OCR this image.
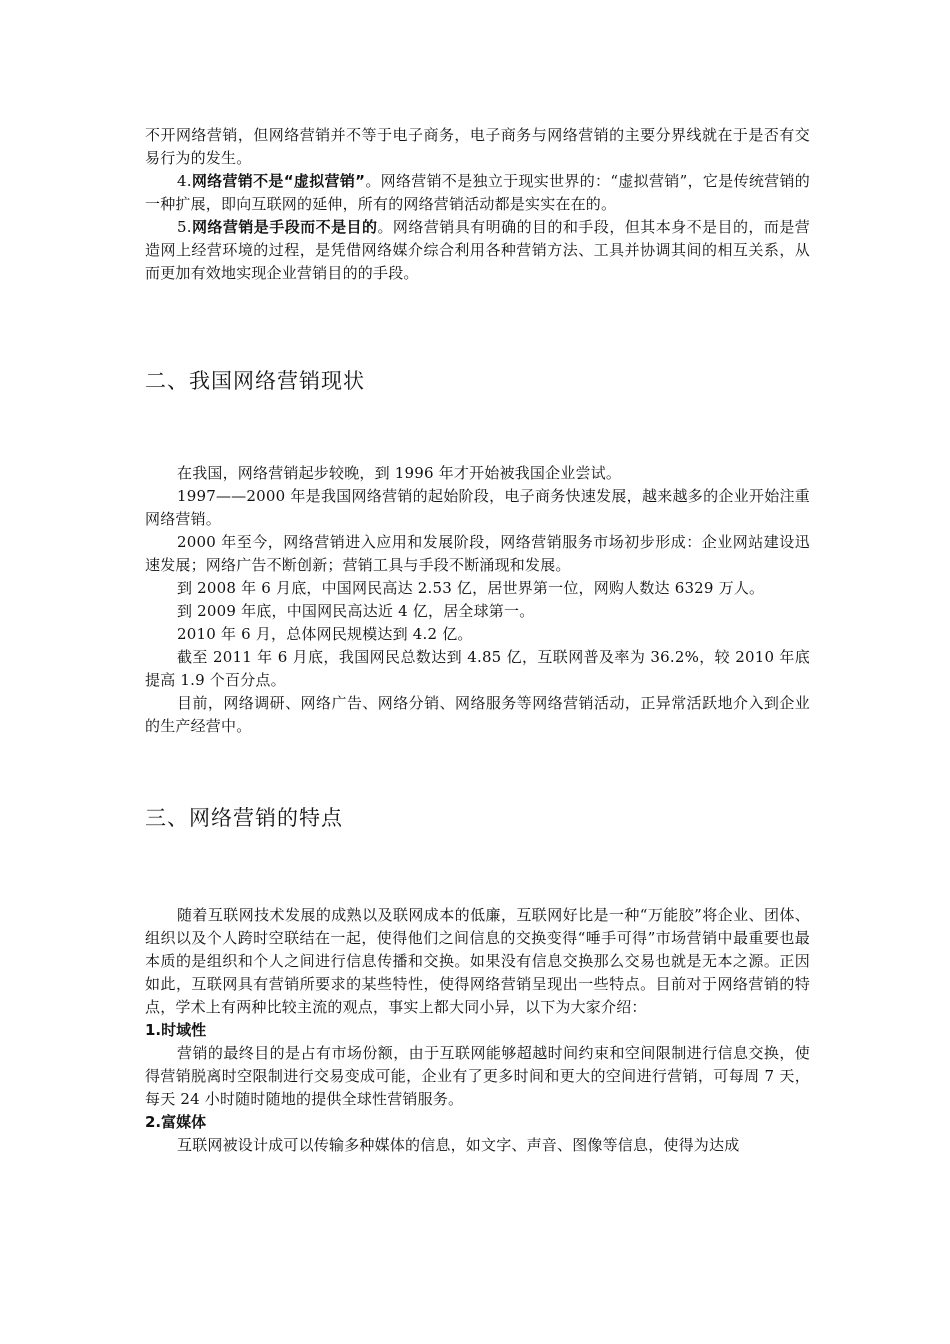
不开网络营销，但网络营销并不等于电子商务，电子商务与网络营销的主要分界线就在于是否有交易行为的发生。

4.网络营销不是“虚拟营销”。网络营销不是独立于现实世界的：“虚拟营销”，它是传统营销的一种扩展，即向互联网的延伸，所有的网络营销活动都是实实在在的。

5.网络营销是手段而不是目的。网络营销具有明确的目的和手段，但其本身不是目的，而是营造网上经营环境的过程，是凭借网络媒介综合利用各种营销方法、工具并协调其间的相互关系，从而更加有效地实现企业营销目的的手段。

二、我国网络营销现状

在我国，网络营销起步较晚，到 1996 年才开始被我国企业尝试。

1997——2000 年是我国网络营销的起始阶段，电子商务快速发展，越来越多的企业开始注重网络营销。

2000 年至今，网络营销进入应用和发展阶段，网络营销服务市场初步形成：企业网站建设迅速发展；网络广告不断创新；营销工具与手段不断涌现和发展。

到 2008 年 6 月底，中国网民高达 2.53 亿，居世界第一位，网购人数达 6329 万人。

到 2009 年底，中国网民高达近 4 亿，居全球第一。

2010 年 6 月，总体网民规模达到 4.2 亿。

截至 2011 年 6 月底，我国网民总数达到 4.85 亿，互联网普及率为 36.2%，较 2010 年底提高 1.9 个百分点。

目前，网络调研、网络广告、网络分销、网络服务等网络营销活动，正异常活跃地介入到企业的生产经营中。

三、网络营销的特点

随着互联网技术发展的成熟以及联网成本的低廉，互联网好比是一种“万能胶”将企业、团体、组织以及个人跨时空联结在一起，使得他们之间信息的交换变得“唾手可得”市场营销中最重要也最本质的是组织和个人之间进行信息传播和交换。如果没有信息交换那么交易也就是无本之源。正因如此，互联网具有营销所要求的某些特性，使得网络营销呈现出一些特点。目前对于网络营销的特点，学术上有两种比较主流的观点，事实上都大同小异，以下为大家介绍：

1.时域性

营销的最终目的是占有市场份额，由于互联网能够超越时间约束和空间限制进行信息交换，使得营销脱离时空限制进行交易变成可能，企业有了更多时间和更大的空间进行营销，可每周 7 天，每天 24 小时随时随地的提供全球性营销服务。

2.富媒体

互联网被设计成可以传输多种媒体的信息，如文字、声音、图像等信息，使得为达成
